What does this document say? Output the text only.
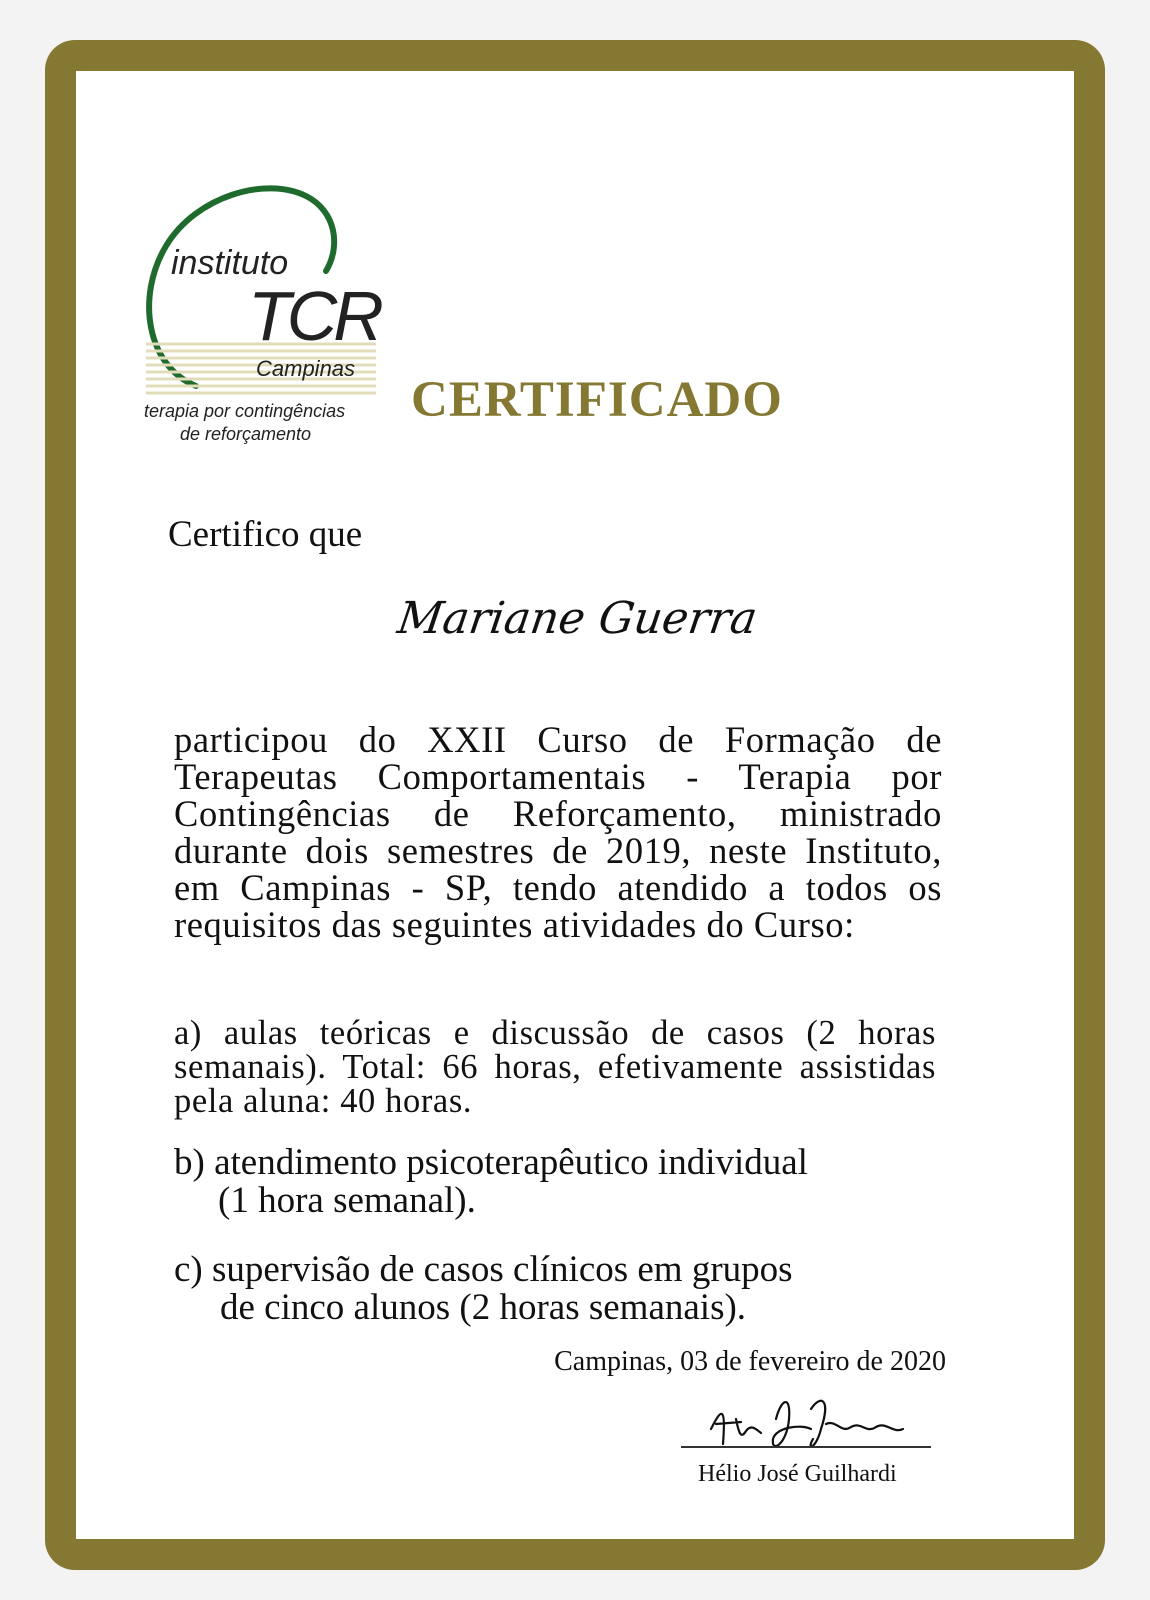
instituto
TCR
Campinas
terapia por contingências
de reforçamento
CERTIFICADO
Certifico que
Mariane Guerra
participou do XXII Curso de Formação de Terapeutas Comportamentais - Terapia por Contingências de Reforçamento, ministrado durante dois semestres de 2019, neste Instituto, em Campinas - SP, tendo atendido a todos os requisitos das seguintes atividades do Curso:
a) aulas teóricas e discussão de casos (2 horas semanais). Total: 66 horas, efetivamente assistidas pela aluna: 40 horas.
b) atendimento psicoterapêutico individual
(1 hora semanal).
c) supervisão de casos clínicos em grupos
de cinco alunos (2 horas semanais).
Campinas, 03 de fevereiro de 2020
Hélio José Guilhardi
